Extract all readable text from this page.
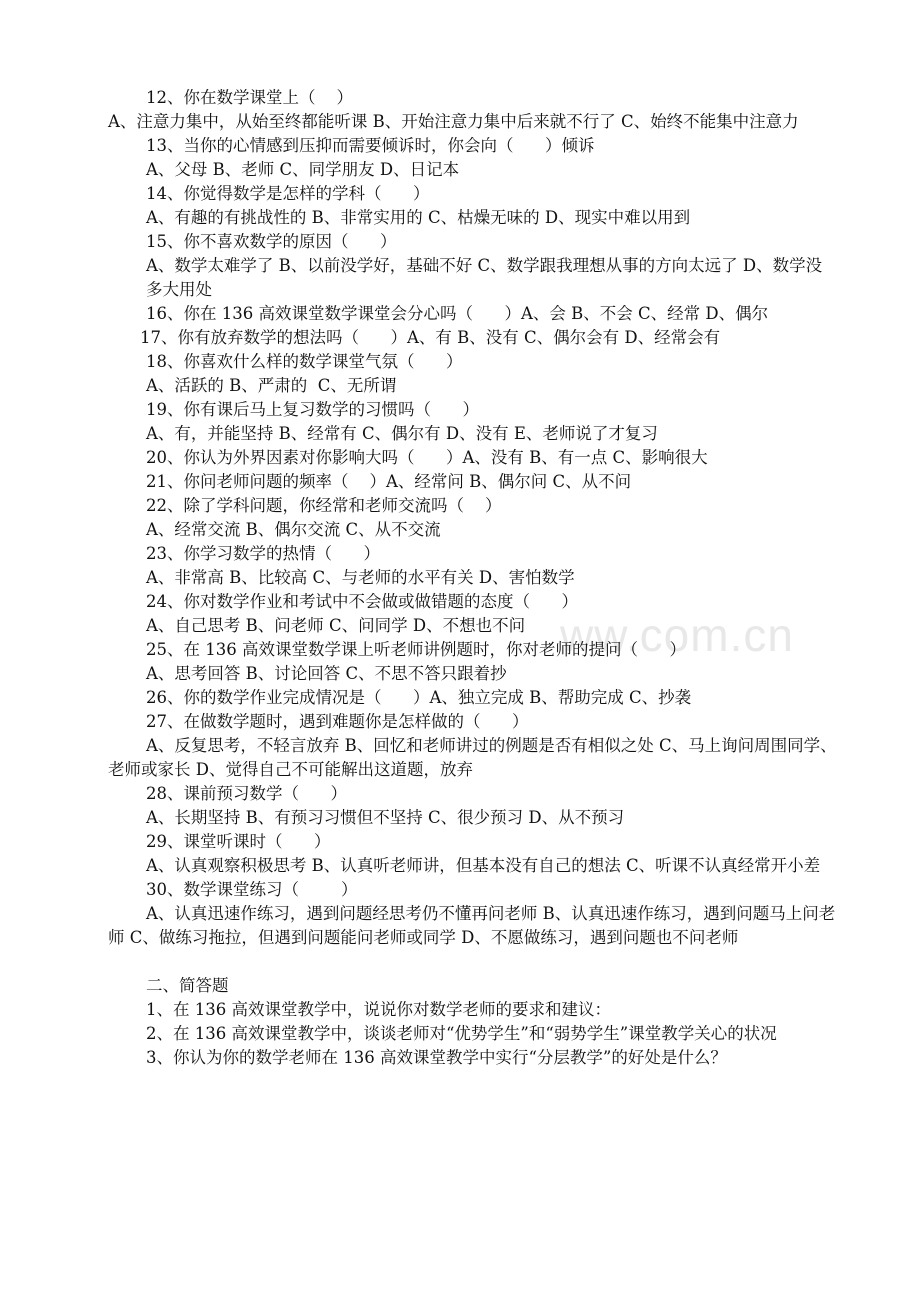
ww.com.cn
12、你在数学课堂上（    ）
A、注意力集中，从始至终都能听课 B、开始注意力集中后来就不行了 C、始终不能集中注意力
13、当你的心情感到压抑而需要倾诉时，你会向（      ）倾诉
A、父母 B、老师 C、同学朋友 D、日记本
14、你觉得数学是怎样的学科（      ）
A、有趣的有挑战性的 B、非常实用的 C、枯燥无味的 D、现实中难以用到
15、你不喜欢数学的原因（      ）
A、数学太难学了 B、以前没学好，基础不好 C、数学跟我理想从事的方向太远了 D、数学没多大用处
16、你在 136 高效课堂数学课堂会分心吗（      ）A、会 B、不会 C、经常 D、偶尔
17、你有放弃数学的想法吗（      ）A、有 B、没有 C、偶尔会有 D、经常会有
18、你喜欢什么样的数学课堂气氛（      ）
A、活跃的 B、严肃的  C、无所谓
19、你有课后马上复习数学的习惯吗（      ）
A、有，并能坚持 B、经常有 C、偶尔有 D、没有 E、老师说了才复习
20、你认为外界因素对你影响大吗（      ）A、没有 B、有一点 C、影响很大
21、你问老师问题的频率（    ）A、经常问 B、偶尔问 C、从不问
22、除了学科问题，你经常和老师交流吗（    ）
A、经常交流 B、偶尔交流 C、从不交流
23、你学习数学的热情（      ）
A、非常高 B、比较高 C、与老师的水平有关 D、害怕数学
24、你对数学作业和考试中不会做或做错题的态度（      ）
A、自己思考 B、问老师 C、问同学 D、不想也不问
25、在 136 高效课堂数学课上听老师讲例题时，你对老师的提问（      ）
A、思考回答 B、讨论回答 C、不思不答只跟着抄
26、你的数学作业完成情况是（      ）A、独立完成 B、帮助完成 C、抄袭
27、在做数学题时，遇到难题你是怎样做的（      ）
A、反复思考，不轻言放弃 B、回忆和老师讲过的例题是否有相似之处 C、马上询问周围同学、老师或家长 D、觉得自己不可能解出这道题，放弃
28、课前预习数学（      ）
A、长期坚持 B、有预习习惯但不坚持 C、很少预习 D、从不预习
29、课堂听课时（      ）
A、认真观察积极思考 B、认真听老师讲，但基本没有自己的想法 C、听课不认真经常开小差
30、数学课堂练习（        ）
A、认真迅速作练习，遇到问题经思考仍不懂再问老师 B、认真迅速作练习，遇到问题马上问老师 C、做练习拖拉，但遇到问题能问老师或同学 D、不愿做练习，遇到问题也不问老师
二、简答题
1、在 136 高效课堂教学中，说说你对数学老师的要求和建议：
2、在 136 高效课堂教学中，谈谈老师对“优势学生”和“弱势学生”课堂教学关心的状况
3、你认为你的数学老师在 136 高效课堂教学中实行“分层教学”的好处是什么？
